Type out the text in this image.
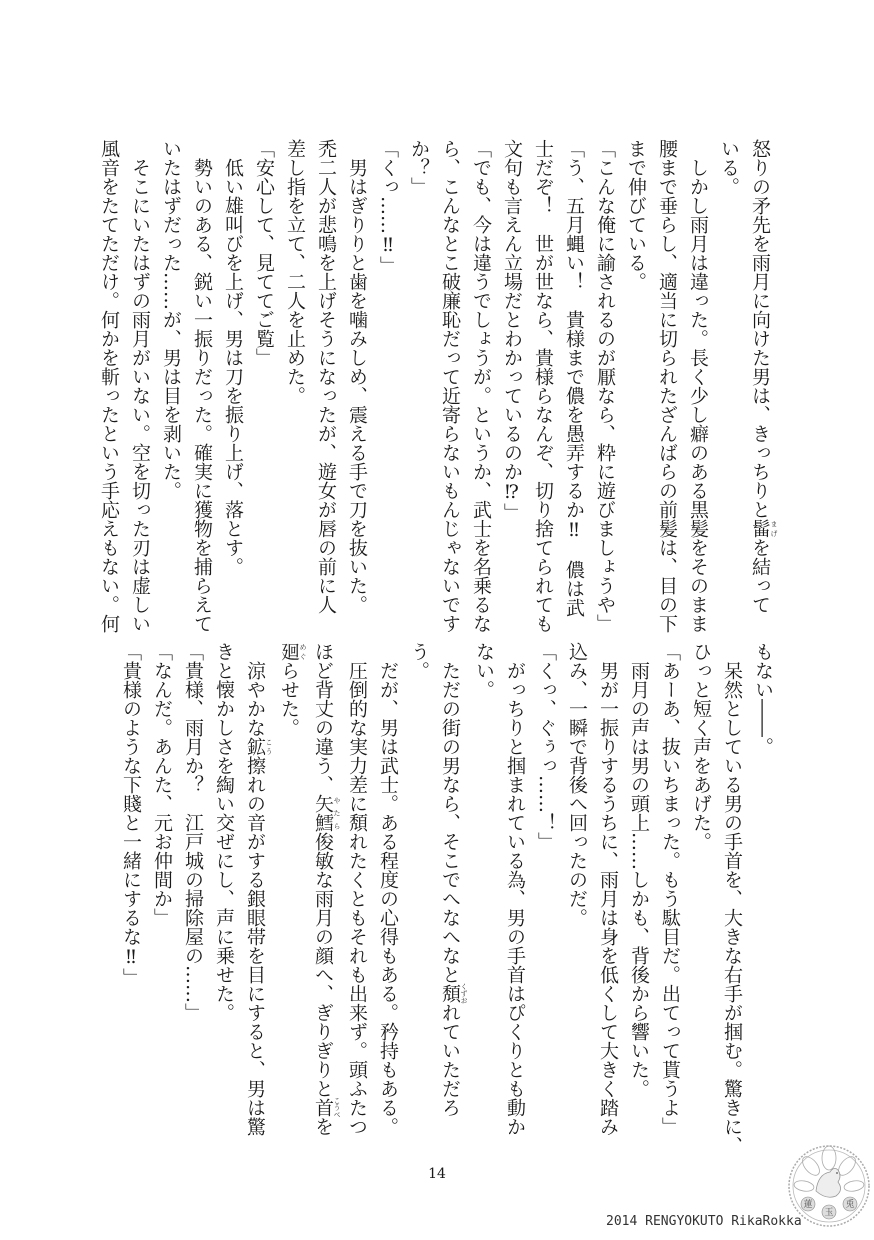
怒りの矛先を雨月に向けた男は、きっちりと髷 まげを結って
いる。
　しかし雨月は違った。長く少し癖のある黒髪をそのまま
腰まで垂らし、適当に切られたざんばらの前髪は、目の下
まで伸びている。
「こんな俺に諭されるのが厭なら、粋に遊びましょうや」
「う、五月蝿い！　貴様まで儂を愚弄するか‼　儂は武
士だぞ！　世が世なら、貴様らなんぞ、切り捨てられても
文句も言えん立場だとわかっているのか⁉」
「でも、今は違うでしょうが。というか、武士を名乗るな
ら、こんなとこ破廉恥だって近寄らないもんじゃないです
か？」
「くっ……‼」
　男はぎりりと歯を噛みしめ、震える手で刀を抜いた。
禿二人が悲鳴を上げそうになったが、遊女が唇の前に人
差し指を立て、二人を止めた。
「安心して、見ててご覧」
　低い雄叫びを上げ、男は刀を振り上げ、落とす。
　勢いのある、鋭い一振りだった。確実に獲物を捕らえて
いたはずだった……が、男は目を剥いた。
　そこにいたはずの雨月がいない。空を切った刃は虚しい
風音をたてただけ。何かを斬ったという手応えもない。何
もない――。
　呆然としている男の手首を、大きな右手が掴む。驚きに、
ひっと短く声をあげた。
「あーあ、抜いちまった。もう駄目だ。出てって貰うよ」
　雨月の声は男の頭上……しかも、背後から響いた。
　男が一振りするうちに、雨月は身を低くして大きく踏み
込み、一瞬で背後へ回ったのだ。
「くっ、ぐぅっ……！」
　がっちりと掴まれている為、男の手首はぴくりとも動か
ない。
　ただの街の男なら、そこでへなへなと頽 くずおれていただろ
う。
　だが、男は武士。ある程度の心得もある。矜持もある。
　圧倒的な実力差に頽れたくともそれも出来ず。頭ふたつ
ほど背丈の違う、矢鱈 やたら俊敏な雨月の顔へ、ぎりぎりと首 こうべを
廻 めぐらせた。
　涼やかな鉱 こう擦れの音がする銀眼帯を目にすると、男は驚
きと懐かしさを綯い交ぜにし、声に乗せた。
「貴様、雨月か？　江戸城の掃除屋の……」
「なんだ。あんた、元お仲間か」
「貴様のような下賤と一緒にするな‼」
14
2014 RENGYOKUTO RikaRokka
蓮
玉
兎
